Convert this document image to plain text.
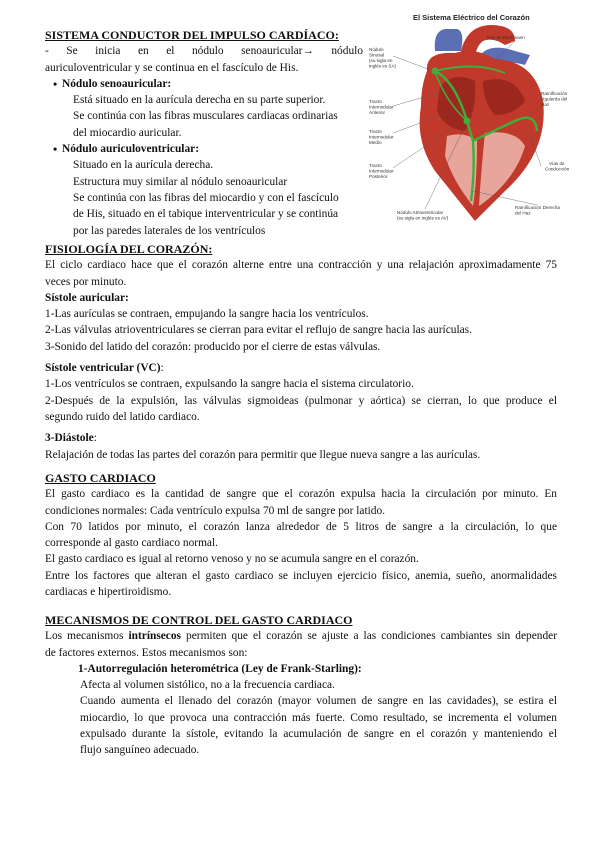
SISTEMA CONDUCTOR DEL IMPULSO CARDÍACO:
- Se inicia en el nódulo senoauricular→ nódulo
auriculoventricular y se continua en el fascículo de His.
• Nódulo senoauricular:
Está situado en la aurícula derecha en su parte superior.
Se continúa con las fibras musculares cardiacas ordinarias
del miocardio auricular.
• Nódulo auriculoventricular:
Situado en la aurícula derecha.
Estructura muy similar al nódulo senoauricular
Se continúa con las fibras del miocardio y con el fascículo
de His, situado en el tabique interventricular y se continúa
por las paredes laterales de los ventrículos
El Sistema Eléctrico del Corazón
Nódulo Sinusal (su sigla en inglés es SA)
Haz de Bachmann
Tracto Internodular Anterior
Tracto Internodular Medio
Tracto Internodular Posterior
Ramificación Izquierda del Haz
Vías de Conducción
Nódulo Atrioventricular (su sigla en inglés es AV)
Ramificación Derecha del Haz
FISIOLOGÍA DEL CORAZÓN:
El ciclo cardiaco hace que el corazón alterne entre una contracción y una relajación aproximadamente 75
veces por minuto.
Sístole auricular:
1-Las aurículas se contraen, empujando la sangre hacia los ventrículos.
2-Las válvulas atrioventriculares se cierran para evitar el reflujo de sangre hacia las aurículas.
3-Sonido del latido del corazón: producido por el cierre de estas válvulas.
Sístole ventricular (VC):
1-Los ventrículos se contraen, expulsando la sangre hacia el sistema circulatorio.
2-Después de la expulsión, las válvulas sigmoideas (pulmonar y aórtica) se cierran, lo que produce el
segundo ruido del latido cardiaco.
3-Diástole:
Relajación de todas las partes del corazón para permitir que llegue nueva sangre a las aurículas.
GASTO CARDIACO
El gasto cardiaco es la cantidad de sangre que el corazón expulsa hacia la circulación por minuto. En
condiciones normales: Cada ventrículo expulsa 70 ml de sangre por latido.
Con 70 latidos por minuto, el corazón lanza alrededor de 5 litros de sangre a la circulación, lo que
corresponde al gasto cardiaco normal.
El gasto cardiaco es igual al retorno venoso y no se acumula sangre en el corazón.
Entre los factores que alteran el gasto cardiaco se incluyen ejercicio físico, anemia, sueño, anormalidades
cardiacas e hipertiroidismo.
MECANISMOS DE CONTROL DEL GASTO CARDIACO
Los mecanismos intrínsecos permiten que el corazón se ajuste a las condiciones cambiantes sin depender
de factores externos. Estos mecanismos son:
1-Autorregulación heterométrica (Ley de Frank-Starling):
Afecta al volumen sistólico, no a la frecuencia cardiaca.
Cuando aumenta el llenado del corazón (mayor volumen de sangre en las cavidades), se estira el
miocardio, lo que provoca una contracción más fuerte. Como resultado, se incrementa el volumen
expulsado durante la sístole, evitando la acumulación de sangre en el corazón y manteniendo el
flujo sanguíneo adecuado.
